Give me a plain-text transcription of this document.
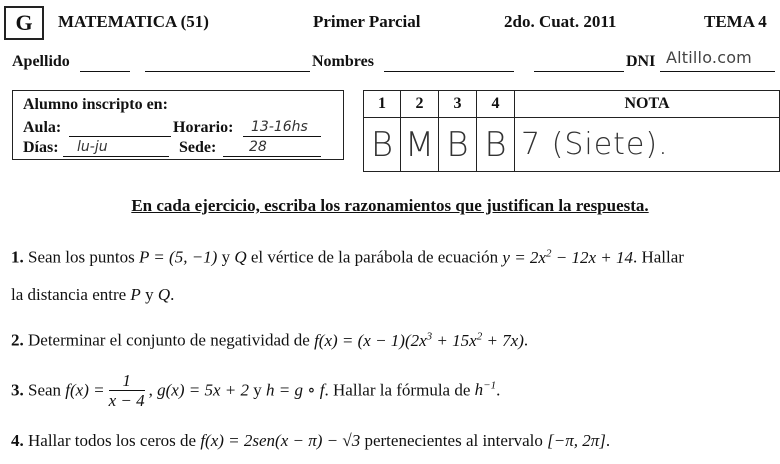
G	MATEMATICA (51)	Primer Parcial	2do. Cuat. 2011	TEMA 4
Apellido	Nombres	DNI Altillo.com
Alumno inscripto en:
Aula:	Horario: 13-16hs
Días: lu-ju	Sede: 28
1	2	3	4	NOTA
B	M	B	B	7 (Siete).
En cada ejercicio, escriba los razonamientos que justifican la respuesta.
1. Sean los puntos P = (5, −1) y Q el vértice de la parábola de ecuación $y = 2x^2 - 12x + 14$. Hallar
la distancia entre P y Q.
2. Determinar el conjunto de negatividad de $f(x) = (x - 1)(2x^3 + 15x^2 + 7x)$.
3. Sean $f(x) = \frac{1}{x - 4}$ , g(x) = 5x + 2 y h = g ∘ f. Hallar la fórmula de $h^{-1}$.
4. Hallar todos los ceros de f(x) = 2sen(x − π) − √3 pertenecientes al intervalo [−π, 2π].
